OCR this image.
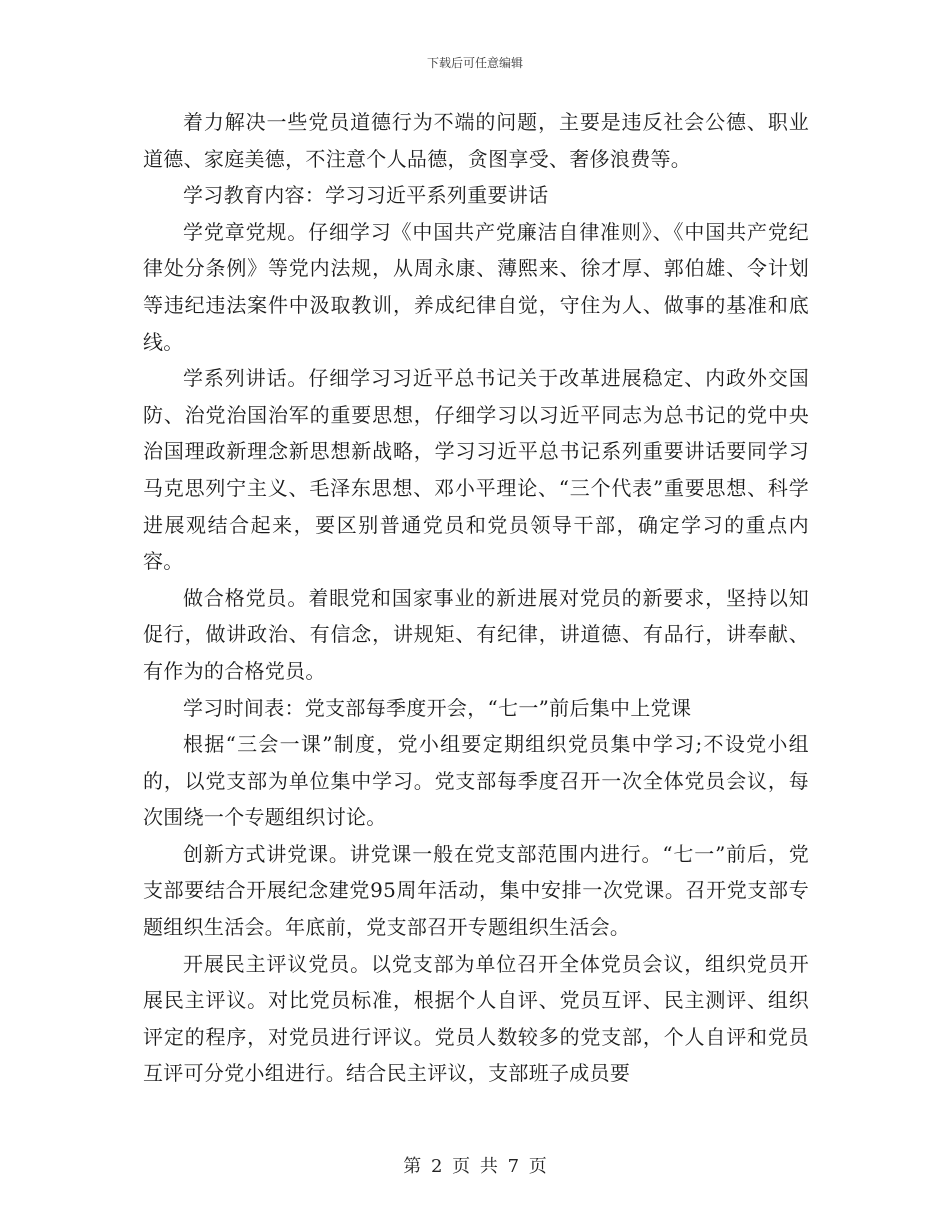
下载后可任意编辑

着力解决一些党员道德行为不端的问题，主要是违反社会公德、职业道德、家庭美德，不注意个人品德，贪图享受、奢侈浪费等。

学习教育内容：学习习近平系列重要讲话

学党章党规。仔细学习《中国共产党廉洁自律准则》、《中国共产党纪律处分条例》等党内法规，从周永康、薄熙来、徐才厚、郭伯雄、令计划等违纪违法案件中汲取教训，养成纪律自觉，守住为人、做事的基准和底线。

学系列讲话。仔细学习习近平总书记关于改革进展稳定、内政外交国防、治党治国治军的重要思想，仔细学习以习近平同志为总书记的党中央治国理政新理念新思想新战略，学习习近平总书记系列重要讲话要同学习马克思列宁主义、毛泽东思想、邓小平理论、“三个代表”重要思想、科学进展观结合起来，要区别普通党员和党员领导干部，确定学习的重点内容。

做合格党员。着眼党和国家事业的新进展对党员的新要求，坚持以知促行，做讲政治、有信念，讲规矩、有纪律，讲道德、有品行，讲奉献、有作为的合格党员。

学习时间表：党支部每季度开会，“七一”前后集中上党课

根据“三会一课”制度，党小组要定期组织党员集中学习;不设党小组的，以党支部为单位集中学习。党支部每季度召开一次全体党员会议，每次围绕一个专题组织讨论。

创新方式讲党课。讲党课一般在党支部范围内进行。“七一”前后，党支部要结合开展纪念建党95周年活动，集中安排一次党课。召开党支部专题组织生活会。年底前，党支部召开专题组织生活会。

开展民主评议党员。以党支部为单位召开全体党员会议，组织党员开展民主评议。对比党员标准，根据个人自评、党员互评、民主测评、组织评定的程序，对党员进行评议。党员人数较多的党支部，个人自评和党员互评可分党小组进行。结合民主评议，支部班子成员要

第 2 页 共 7 页
